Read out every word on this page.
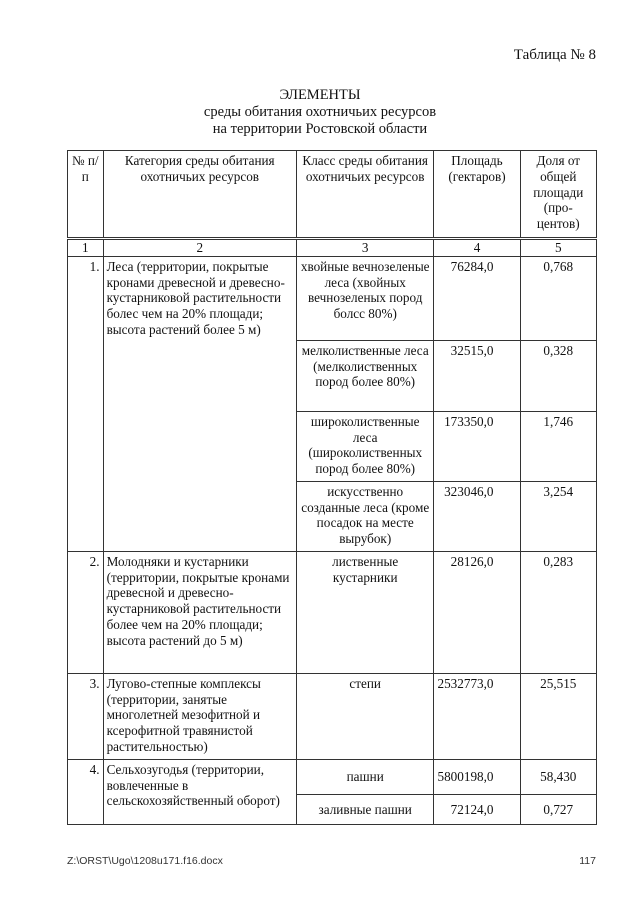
Таблица № 8
ЭЛЕМЕНТЫ
среды обитания охотничьих ресурсов
на территории Ростовской области
№ п/п	Категория среды обитания охотничьих ресурсов	Класс среды обитания охотничьих ресурсов	Площадь (гектаров)	Доля от общей площади (про-центов)
1	2	3	4	5
1.	Леса (территории, покрытые кронами древесной и древесно-кустарниковой растительности болес чем на 20% площади; высота растений более 5 м)	хвойные вечнозеленые леса (хвойных вечнозеленых пород болсс 80%)	76284,0	0,768
		мелколиственные леса (мелколиственных пород более 80%)	32515,0	0,328
		широколиственные леса (широколиственных пород более 80%)	173350,0	1,746
		искусственно созданные леса (кроме посадок на месте вырубок)	323046,0	3,254
2.	Молодняки и кустарники (территории, покрытые кронами древесной и древесно-кустарниковой растительности более чем на 20% площади; высота растений до 5 м)	лиственные кустарники	28126,0	0,283
3.	Лугово-степные комплексы (территории, занятые многолетней мезофитной и ксерофитной травянистой растительностью)	степи	2532773,0	25,515
4.	Сельхозугодья (территории, вовлеченные в сельскохозяйственный оборот)	пашни	5800198,0	58,430
		заливные пашни	72124,0	0,727
Z:\ORST\Ugo\1208u171.f16.docx	117
